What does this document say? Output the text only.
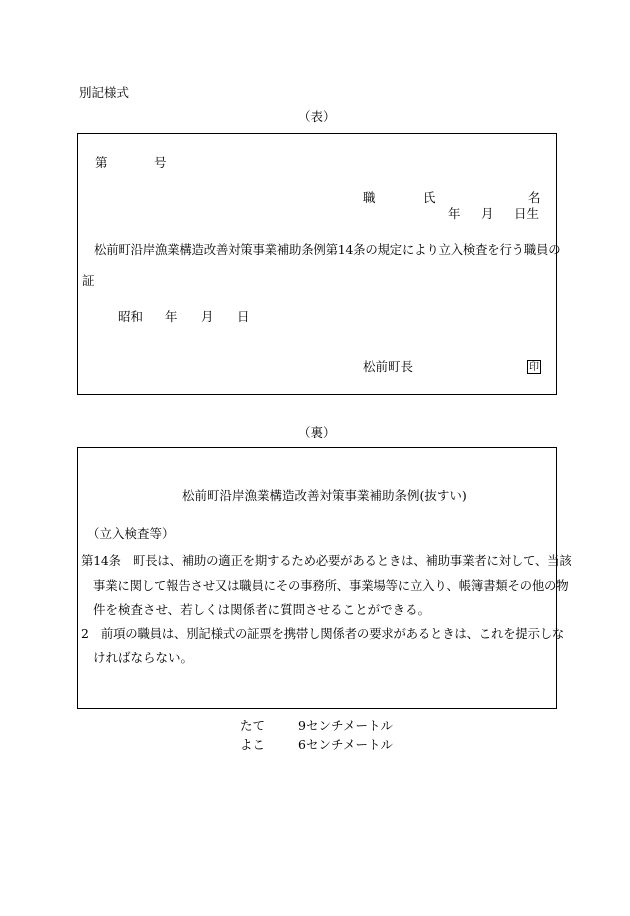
別記様式
（表）
第	号
職	氏	名
年 月 日生
松前町沿岸漁業構造改善対策事業補助条例第14条の規定により立入検査を行う職員の
証
昭和 年 月 日
松前町長	印
（裏）
松前町沿岸漁業構造改善対策事業補助条例(抜すい)
（立入検査等）
第14条　町長は、補助の適正を期するため必要があるときは、補助事業者に対して、当該
事業に関して報告させ又は職員にその事務所、事業場等に立入り、帳簿書類その他の物
件を検査させ、若しくは関係者に質問させることができる。
2　前項の職員は、別記様式の証票を携帯し関係者の要求があるときは、これを提示しな
ければならない。
たて	9センチメートル
よこ	6センチメートル
